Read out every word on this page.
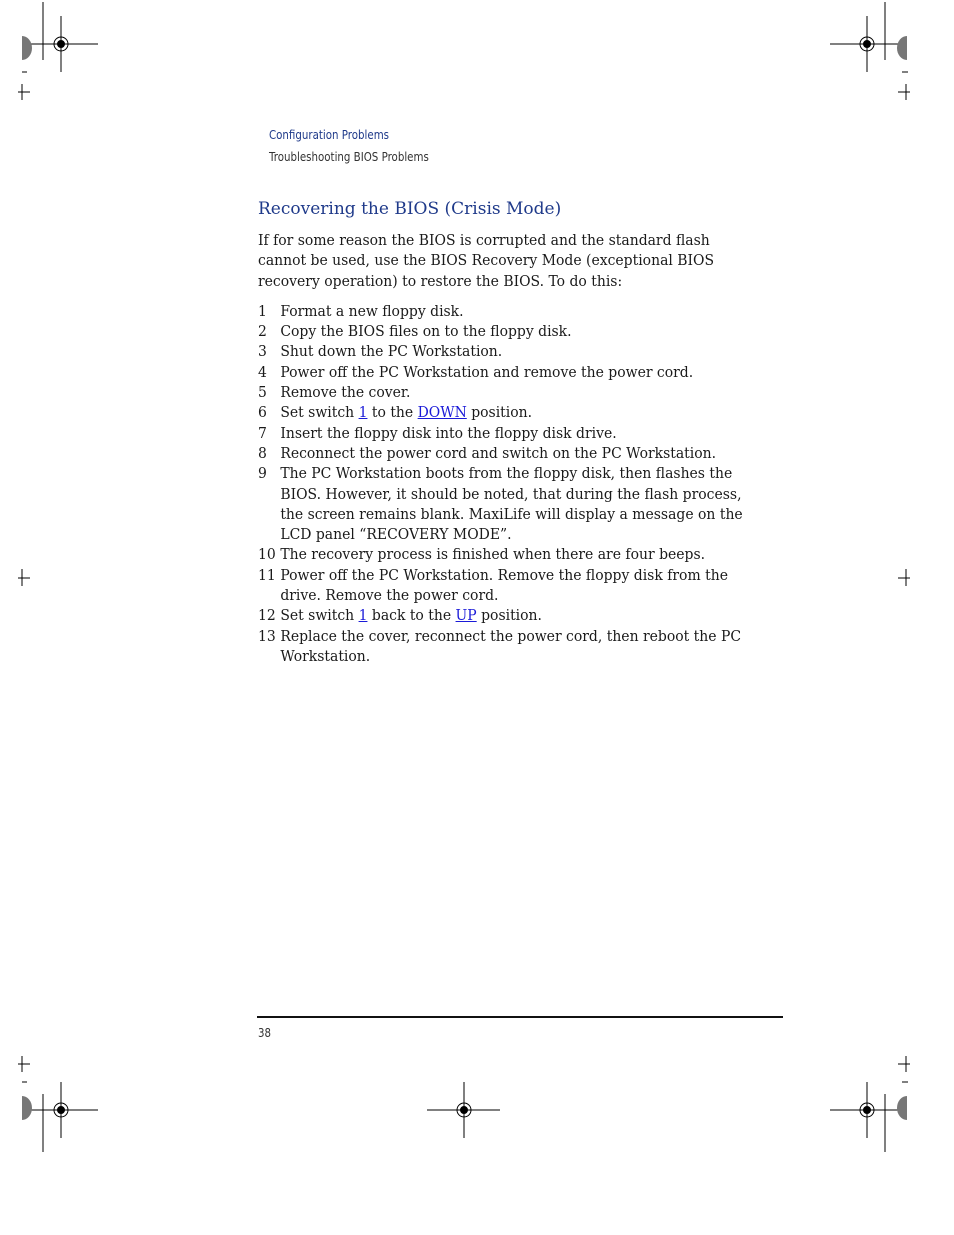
Configuration Problems
Troubleshooting BIOS Problems
Recovering the BIOS (Crisis Mode)

If for some reason the BIOS is corrupted and the standard flash cannot be used, use the BIOS Recovery Mode (exceptional BIOS recovery operation) to restore the BIOS. To do this:

1 Format a new floppy disk.
2 Copy the BIOS files on to the floppy disk.
3 Shut down the PC Workstation.
4 Power off the PC Workstation and remove the power cord.
5 Remove the cover.
6 Set switch 1 to the DOWN position.
7 Insert the floppy disk into the floppy disk drive.
8 Reconnect the power cord and switch on the PC Workstation.
9 The PC Workstation boots from the floppy disk, then flashes the BIOS. However, it should be noted, that during the flash process, the screen remains blank. MaxiLife will display a message on the LCD panel “RECOVERY MODE”.
10 The recovery process is finished when there are four beeps.
11 Power off the PC Workstation. Remove the floppy disk from the drive. Remove the power cord.
12 Set switch 1 back to the UP position.
13 Replace the cover, reconnect the power cord, then reboot the PC Workstation.
38
